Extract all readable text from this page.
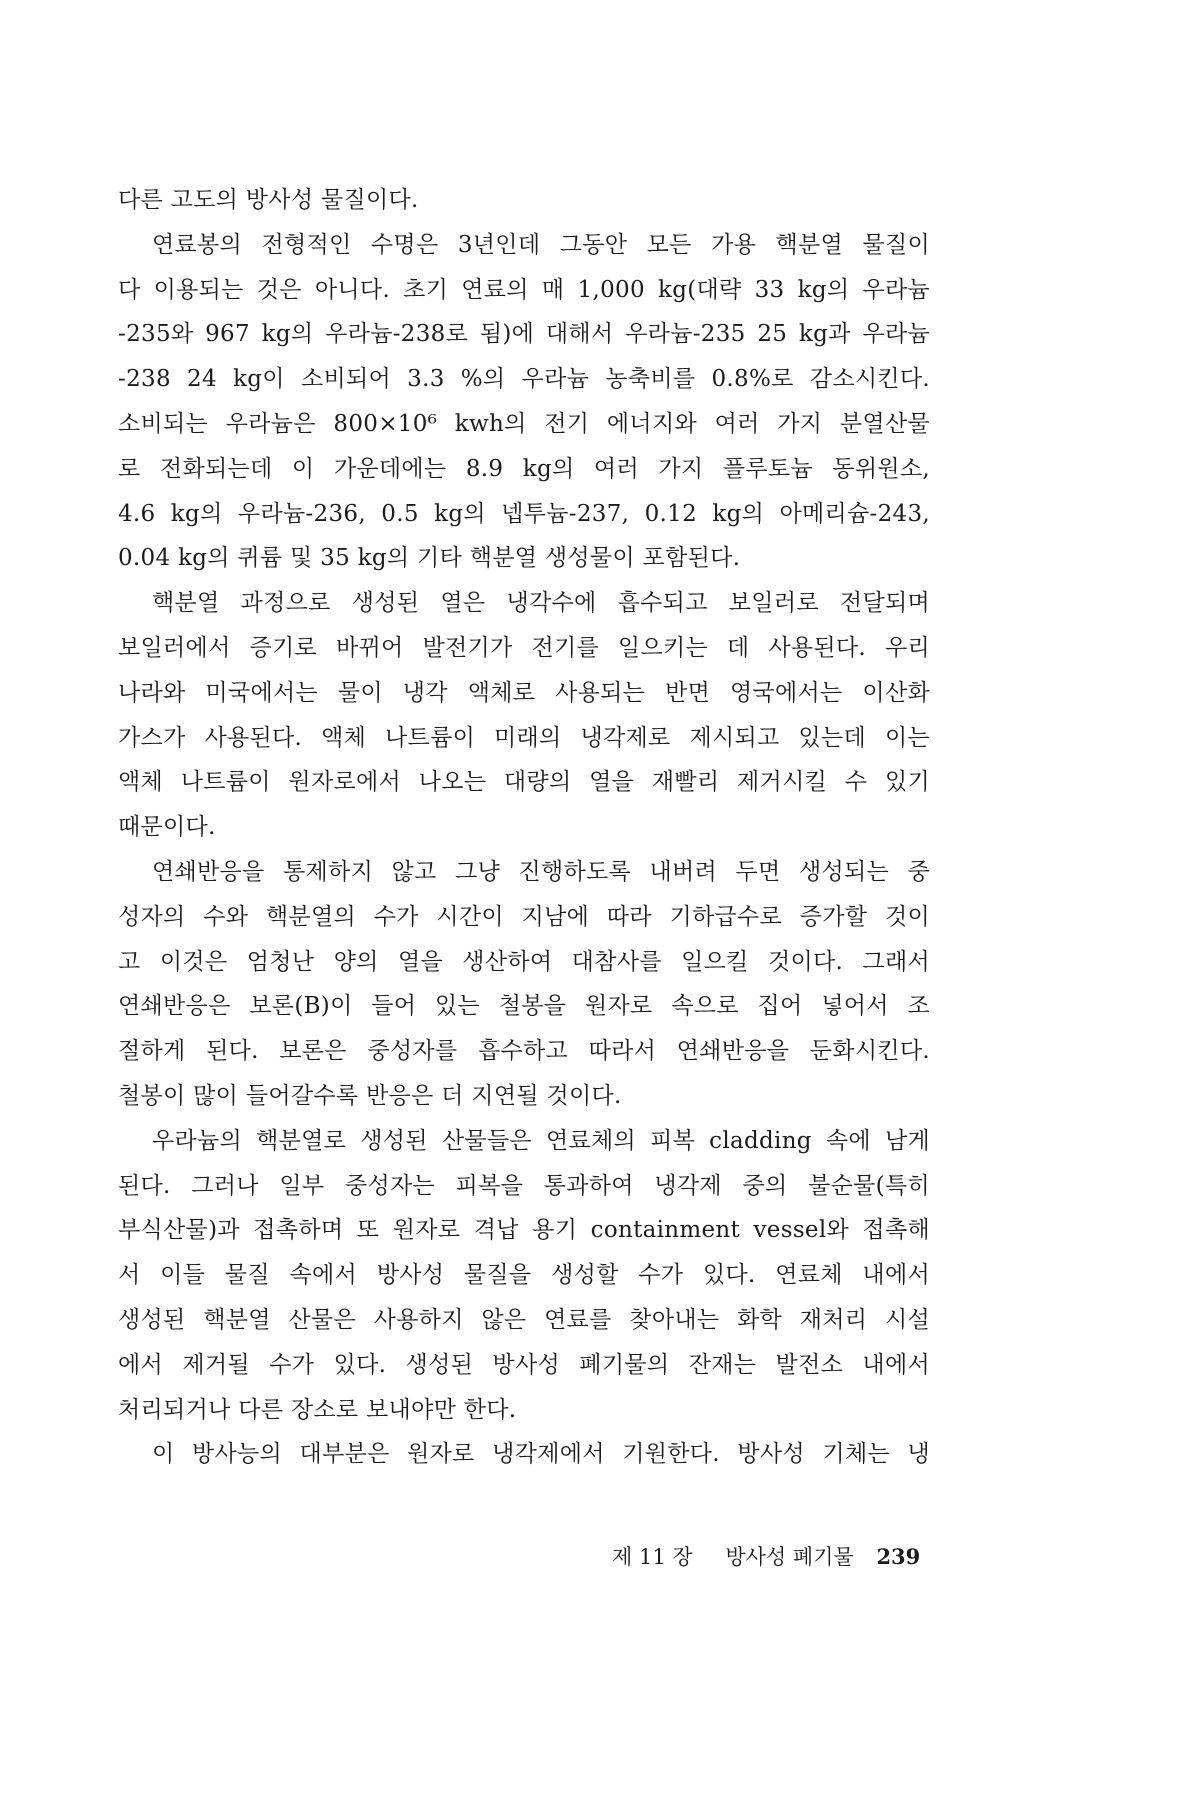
다른 고도의 방사성 물질이다.
연료봉의 전형적인 수명은 3년인데 그동안 모든 가용 핵분열 물질이
다 이용되는 것은 아니다. 초기 연료의 매 1,000 kg(대략 33 kg의 우라늄
-235와 967 kg의 우라늄-238로 됨)에 대해서 우라늄-235 25 kg과 우라늄
-238 24 kg이 소비되어 3.3 %의 우라늄 농축비를 0.8%로 감소시킨다.
소비되는 우라늄은 800×10⁶ kwh의 전기 에너지와 여러 가지 분열산물
로 전화되는데 이 가운데에는 8.9 kg의 여러 가지 플루토늄 동위원소,
4.6 kg의 우라늄-236, 0.5 kg의 넵투늄-237, 0.12 kg의 아메리슘-243,
0.04 kg의 퀴륨 및 35 kg의 기타 핵분열 생성물이 포함된다.
핵분열 과정으로 생성된 열은 냉각수에 흡수되고 보일러로 전달되며
보일러에서 증기로 바뀌어 발전기가 전기를 일으키는 데 사용된다. 우리
나라와 미국에서는 물이 냉각 액체로 사용되는 반면 영국에서는 이산화
가스가 사용된다. 액체 나트륨이 미래의 냉각제로 제시되고 있는데 이는
액체 나트륨이 원자로에서 나오는 대량의 열을 재빨리 제거시킬 수 있기
때문이다.
연쇄반응을 통제하지 않고 그냥 진행하도록 내버려 두면 생성되는 중
성자의 수와 핵분열의 수가 시간이 지남에 따라 기하급수로 증가할 것이
고 이것은 엄청난 양의 열을 생산하여 대참사를 일으킬 것이다. 그래서
연쇄반응은 보론(B)이 들어 있는 철봉을 원자로 속으로 집어 넣어서 조
절하게 된다. 보론은 중성자를 흡수하고 따라서 연쇄반응을 둔화시킨다.
철봉이 많이 들어갈수록 반응은 더 지연될 것이다.
우라늄의 핵분열로 생성된 산물들은 연료체의 피복 cladding 속에 남게
된다. 그러나 일부 중성자는 피복을 통과하여 냉각제 중의 불순물(특히
부식산물)과 접촉하며 또 원자로 격납 용기 containment vessel와 접촉해
서 이들 물질 속에서 방사성 물질을 생성할 수가 있다. 연료체 내에서
생성된 핵분열 산물은 사용하지 않은 연료를 찾아내는 화학 재처리 시설
에서 제거될 수가 있다. 생성된 방사성 폐기물의 잔재는 발전소 내에서
처리되거나 다른 장소로 보내야만 한다.
이 방사능의 대부분은 원자로 냉각제에서 기원한다. 방사성 기체는 냉
제 11 장 방사성 폐기물 239
